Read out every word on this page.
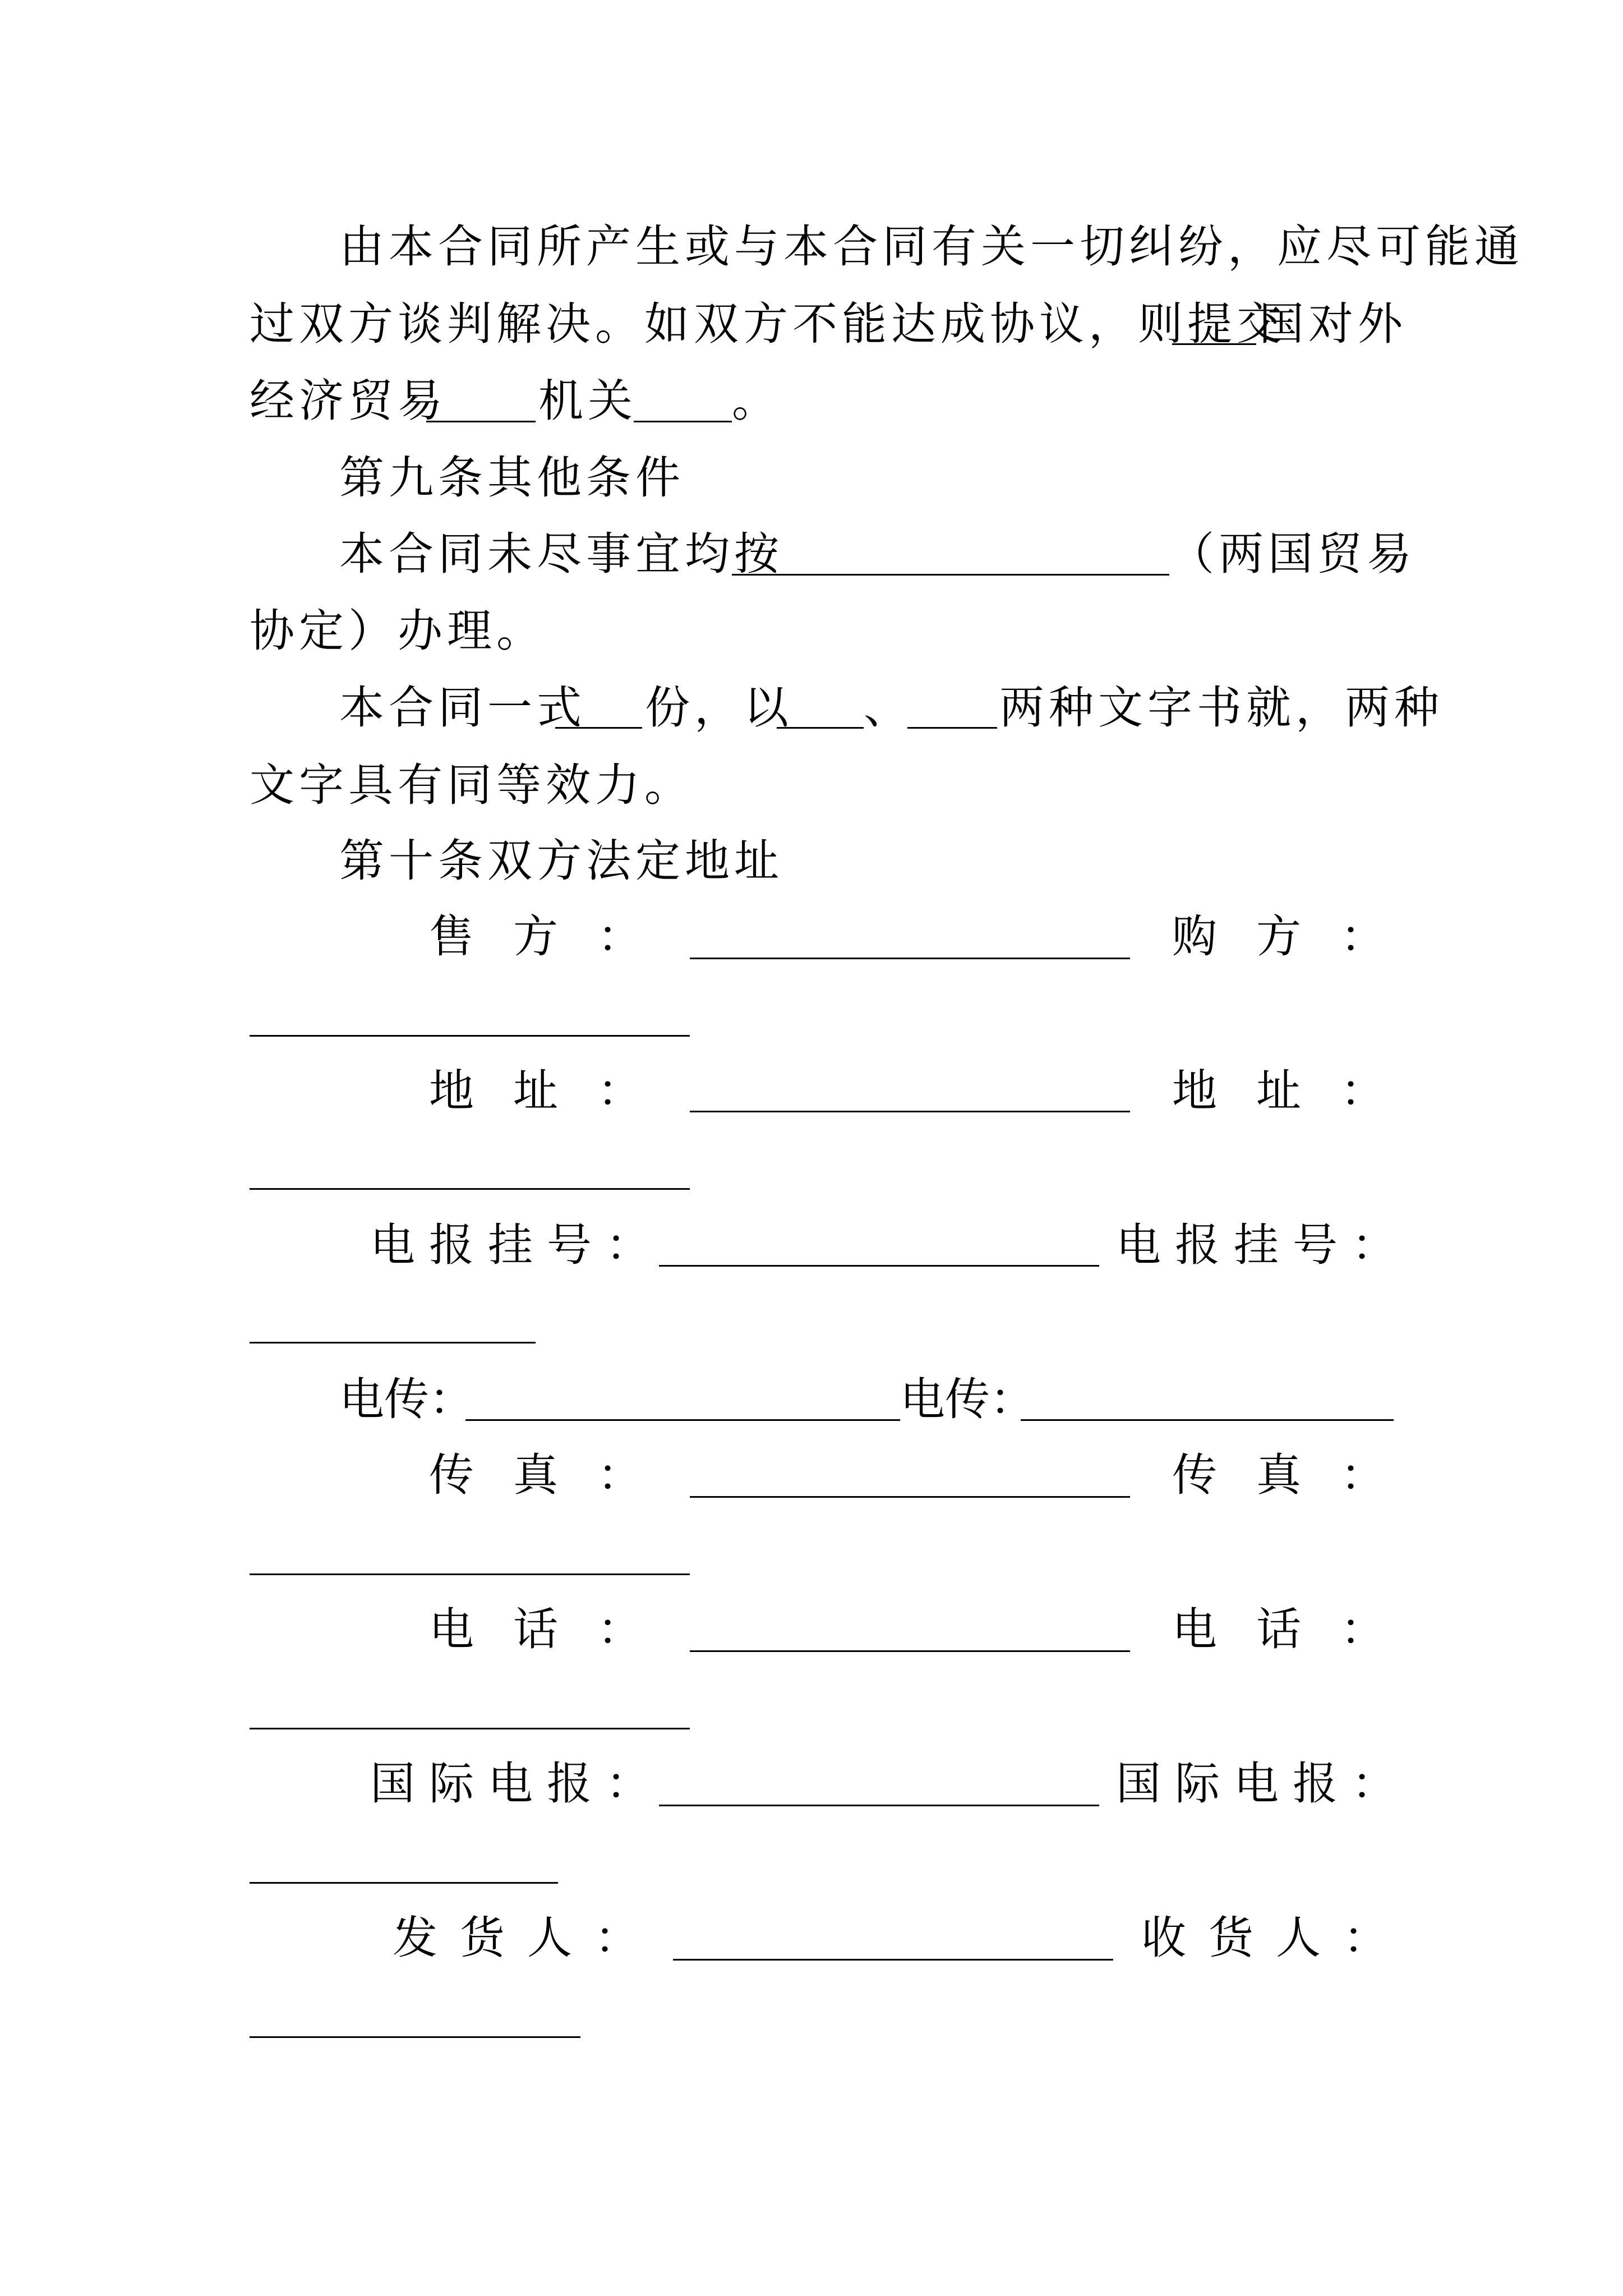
由本合同所产生或与本合同有关一切纠纷，应尽可能通
过双方谈判解决。如双方不能达成协议，则提交
国对外
经济贸易 机关 。
第九条其他条件
本合同未尽事宜均按	（两国贸易
协定）办理。
本合同一式 份，以 、 两种文字书就，两种
文字具有同等效力。
第十条双方法定地址
售方：	购方：
地址：	地址：
电报挂号：	电报挂号：
电传：	电传：
传真：	传真：
电话：	电话：
国际电报：	国际电报：
发货人：	收货人：
